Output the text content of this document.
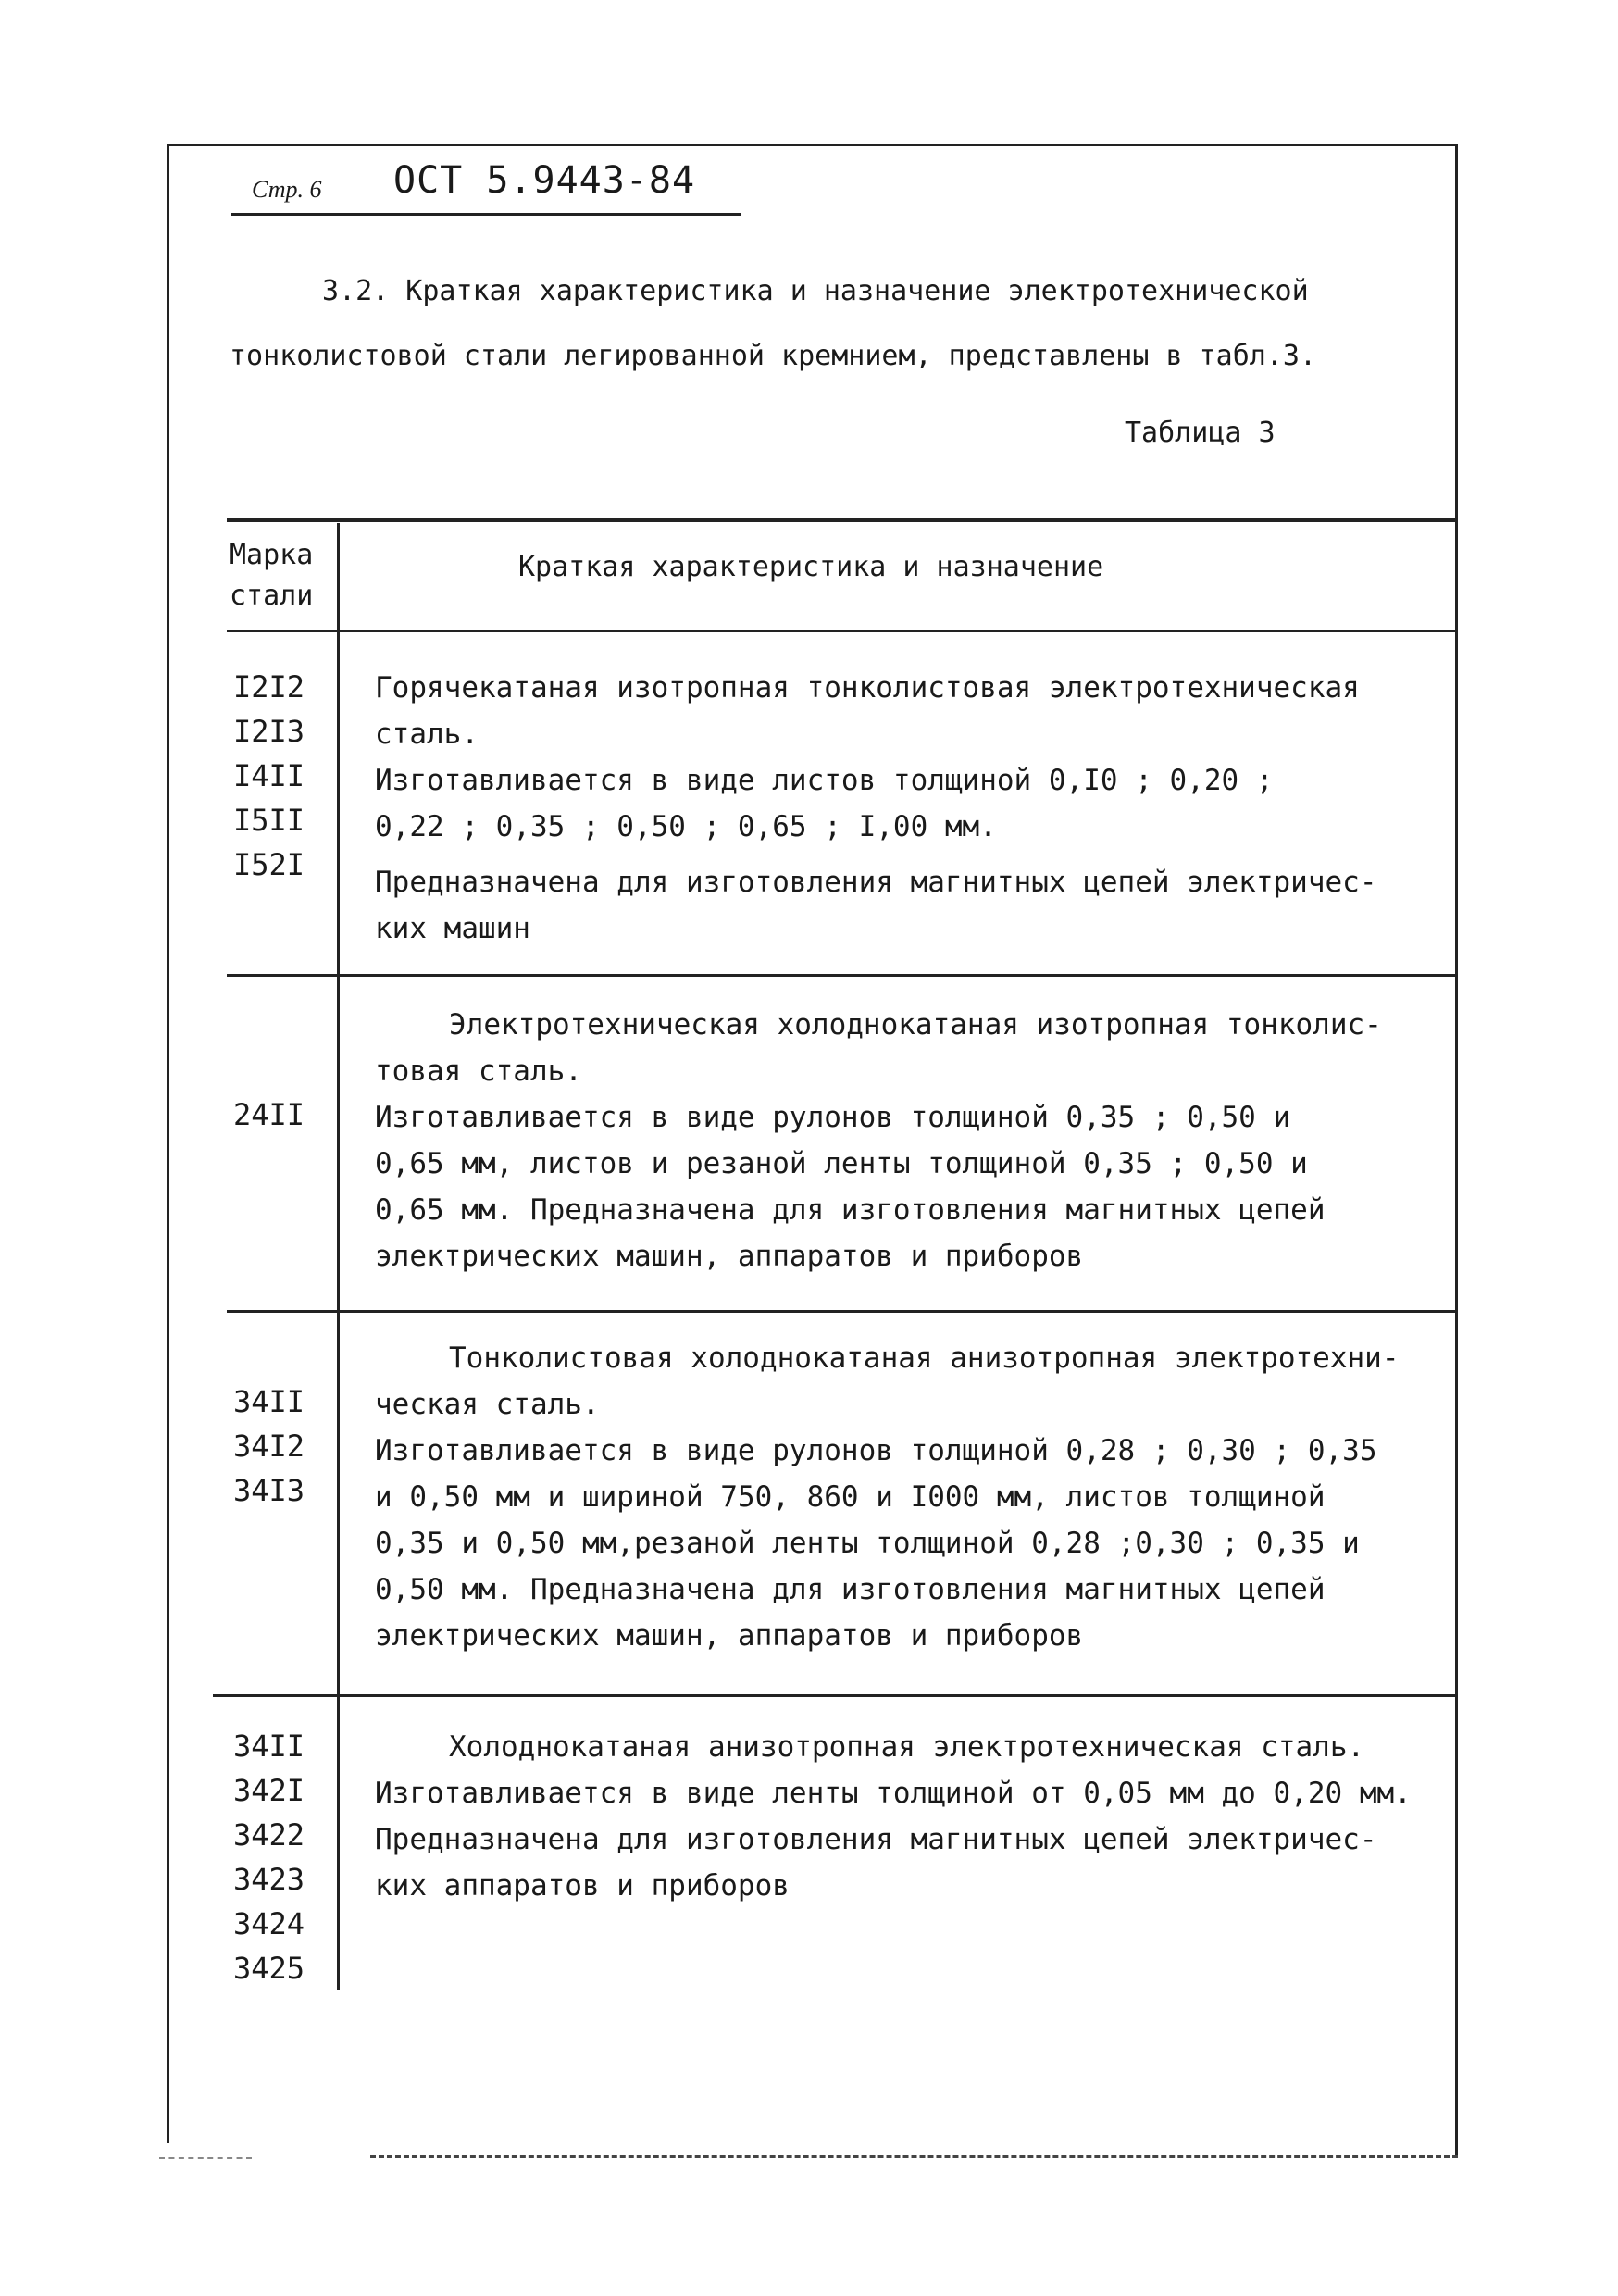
Стр. 6 ОСТ 5.9443-84
3.2. Краткая характеристика и назначение электротехнической
тонколистовой стали легированной кремнием, представлены в табл.3.
Таблица 3
Марка
стали
Краткая характеристика и назначение
I2I2
I2I3
I4II
I5II
I52I

Горячекатаная изотропная тонколистовая электротехническая

сталь.

Изготавливается в виде листов толщиной 0,I0 ; 0,20 ;

0,22 ; 0,35 ; 0,50 ; 0,65 ; I,00 мм.

Предназначена для изготовления магнитных цепей электричес-

ких машин

24II

Электротехническая холоднокатаная изотропная тонколис-

товая сталь.

Изготавливается в виде рулонов толщиной 0,35 ; 0,50 и

0,65 мм, листов и резаной ленты толщиной 0,35 ; 0,50 и

0,65 мм. Предназначена для изготовления магнитных цепей

электрических машин, аппаратов и приборов

34II
34I2
34I3

Тонколистовая холоднокатаная анизотропная электротехни-

ческая сталь.

Изготавливается в виде рулонов толщиной 0,28 ; 0,30 ; 0,35

и 0,50 мм и шириной 750, 860 и I000 мм, листов толщиной

0,35 и 0,50 мм,резаной ленты толщиной 0,28 ;0,30 ; 0,35 и

0,50 мм. Предназначена для изготовления магнитных цепей

электрических машин, аппаратов и приборов

34II
342I
3422
3423
3424
3425

Холоднокатаная анизотропная электротехническая сталь.

Изготавливается в виде ленты толщиной от 0,05 мм до 0,20 мм.

Предназначена для изготовления магнитных цепей электричес-

ких аппаратов и приборов
